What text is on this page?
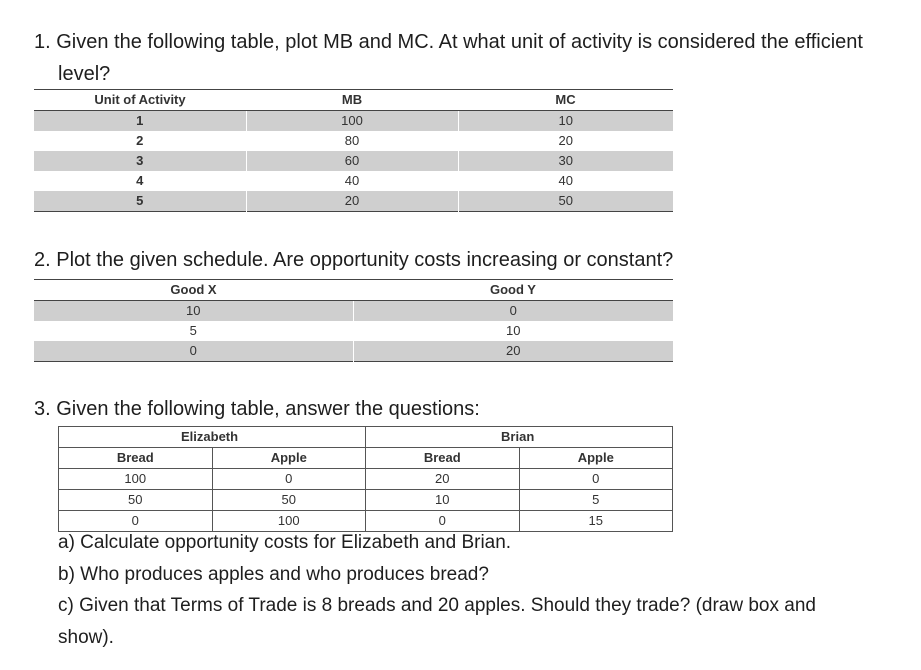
1. Given the following table, plot MB and MC. At what unit of activity is considered the efficient
level?
Unit of Activity	MB	MC
1	100	10
2	80	20
3	60	30
4	40	40
5	20	50
2. Plot the given schedule. Are opportunity costs increasing or constant?
Good X	Good Y
10	0
5	10
0	20
3. Given the following table, answer the questions:
Elizabeth		Brian	
Bread	Apple	Bread	Apple
100	0	20	0
50	50	10	5
0	100	0	15
a) Calculate opportunity costs for Elizabeth and Brian.
b) Who produces apples and who produces bread?
c) Given that Terms of Trade is 8 breads and 20 apples. Should they trade? (draw box and
show).
